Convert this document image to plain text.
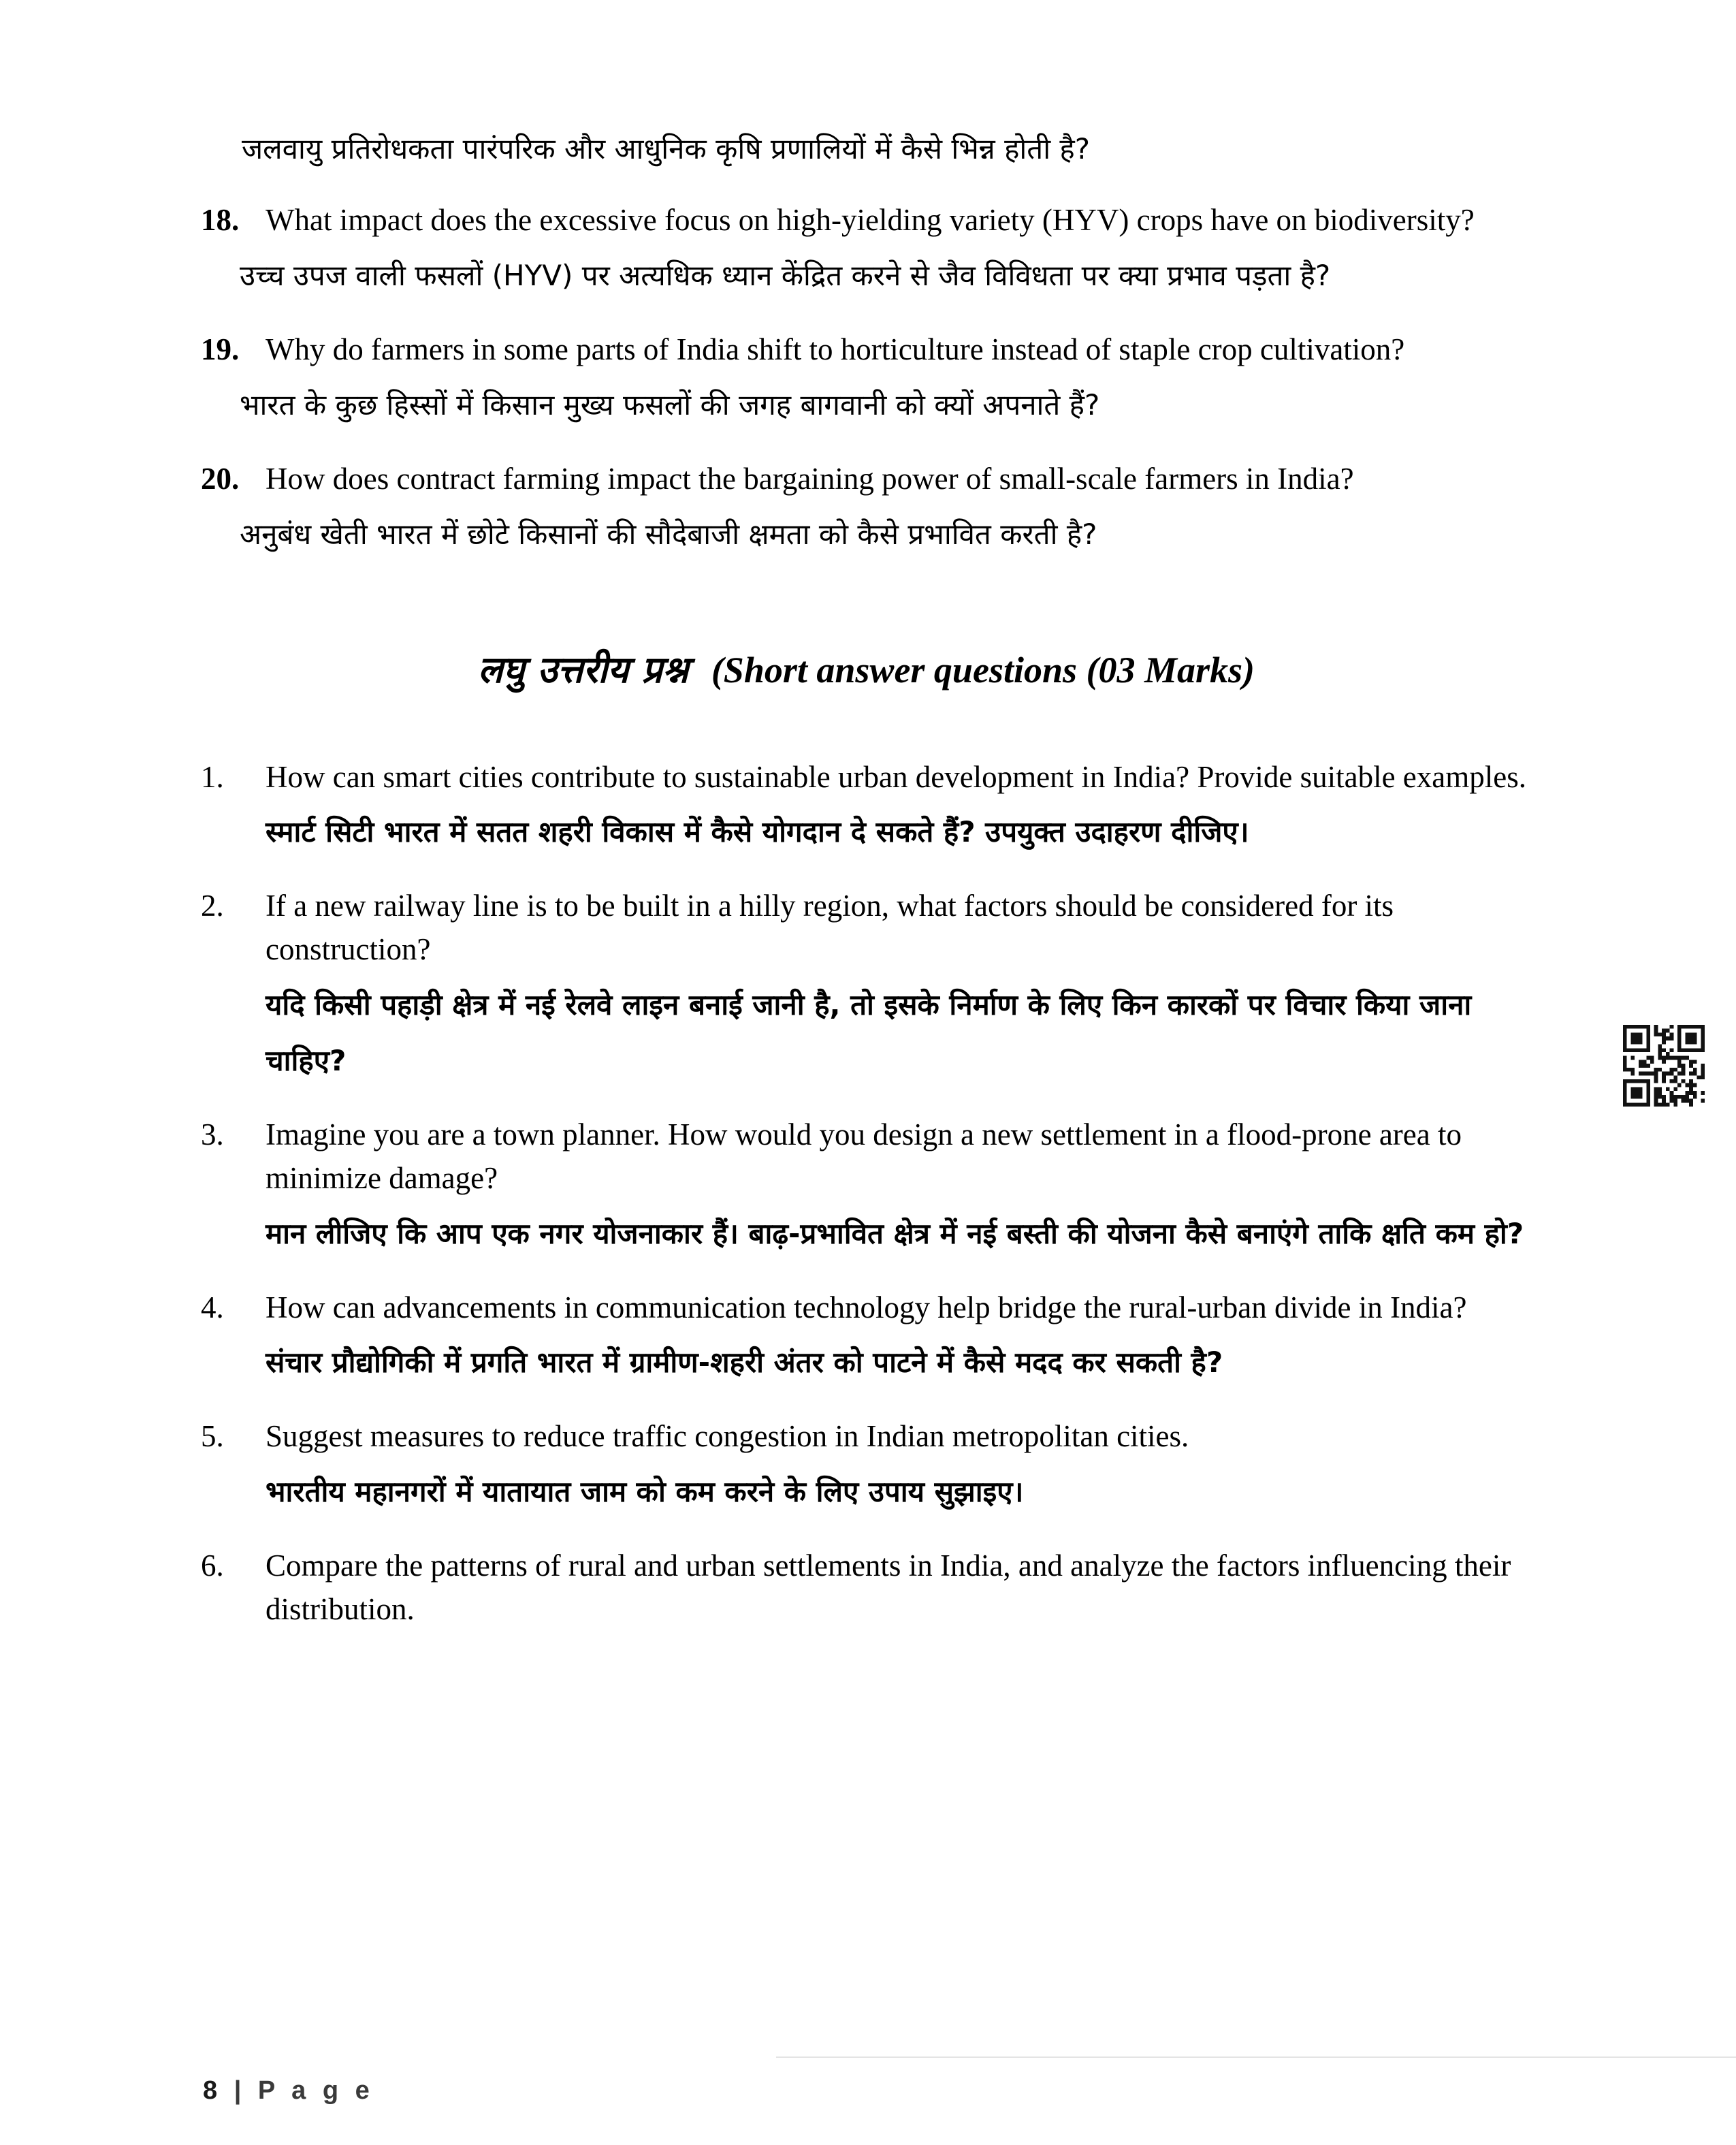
जलवायु प्रतिरोधकता पारंपरिक और आधुनिक कृषि प्रणालियों में कैसे भिन्न होती है?

18. What impact does the excessive focus on high-yielding variety (HYV) crops have on biodiversity?

उच्च उपज वाली फसलों (HYV) पर अत्यधिक ध्यान केंद्रित करने से जैव विविधता पर क्या प्रभाव पड़ता है?

19. Why do farmers in some parts of India shift to horticulture instead of staple crop cultivation?

भारत के कुछ हिस्सों में किसान मुख्य फसलों की जगह बागवानी को क्यों अपनाते हैं?

20. How does contract farming impact the bargaining power of small-scale farmers in India?

अनुबंध खेती भारत में छोटे किसानों की सौदेबाजी क्षमता को कैसे प्रभावित करती है?

लघु उत्तरीय प्रश्न (Short answer questions (03 Marks)
1.	How can smart cities contribute to sustainable urban development in India? Provide suitable examples.

स्मार्ट सिटी भारत में सतत शहरी विकास में कैसे योगदान दे सकते हैं? उपयुक्त उदाहरण दीजिए।

2.	If a new railway line is to be built in a hilly region, what factors should be considered for its construction?

यदि किसी पहाड़ी क्षेत्र में नई रेलवे लाइन बनाई जानी है, तो इसके निर्माण के लिए किन कारकों पर विचार किया जाना चाहिए?

3.	Imagine you are a town planner. How would you design a new settlement in a flood-prone area to minimize damage?

मान लीजिए कि आप एक नगर योजनाकार हैं। बाढ़-प्रभावित क्षेत्र में नई बस्ती की योजना कैसे बनाएंगे ताकि क्षति कम हो?

4.	How can advancements in communication technology help bridge the rural-urban divide in India?

संचार प्रौद्योगिकी में प्रगति भारत में ग्रामीण-शहरी अंतर को पाटने में कैसे मदद कर सकती है?

5.	Suggest measures to reduce traffic congestion in Indian metropolitan cities.

भारतीय महानगरों में यातायात जाम को कम करने के लिए उपाय सुझाइए।

6.	Compare the patterns of rural and urban settlements in India, and analyze the factors influencing their distribution.

8 | P a g e
